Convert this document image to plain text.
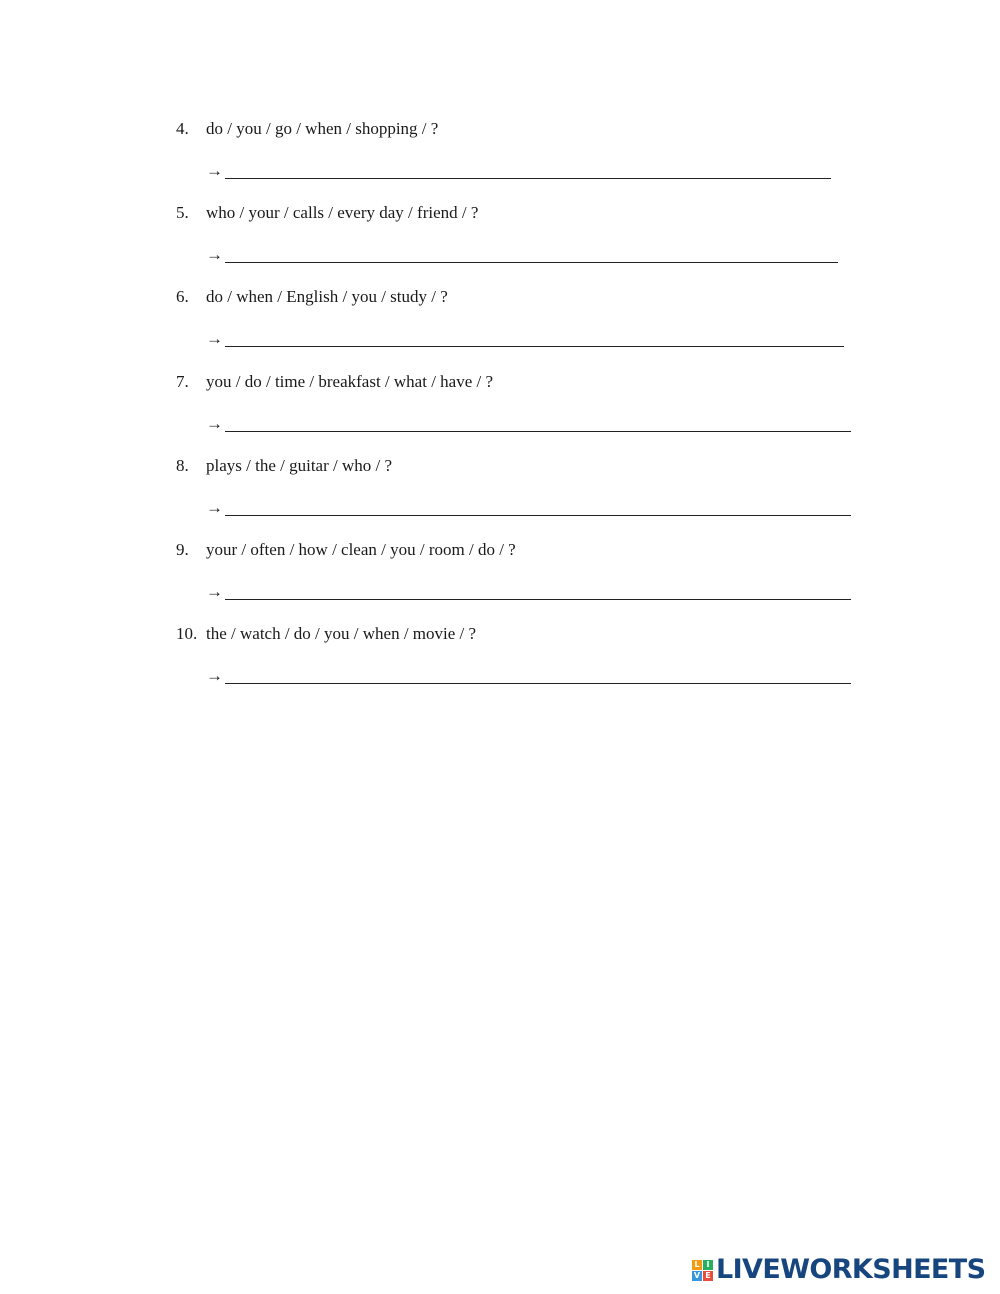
4. do / you / go / when / shopping / ?
→
5. who / your / calls / every day / friend / ?
→
6. do / when / English / you / study / ?
→
7. you / do / time / breakfast / what / have / ?
→
8. plays / the / guitar / who / ?
→
9. your / often / how / clean / you / room / do / ?
→
10. the / watch / do / you / when / movie / ?
→
L I
V E LIVEWORKSHEETS
